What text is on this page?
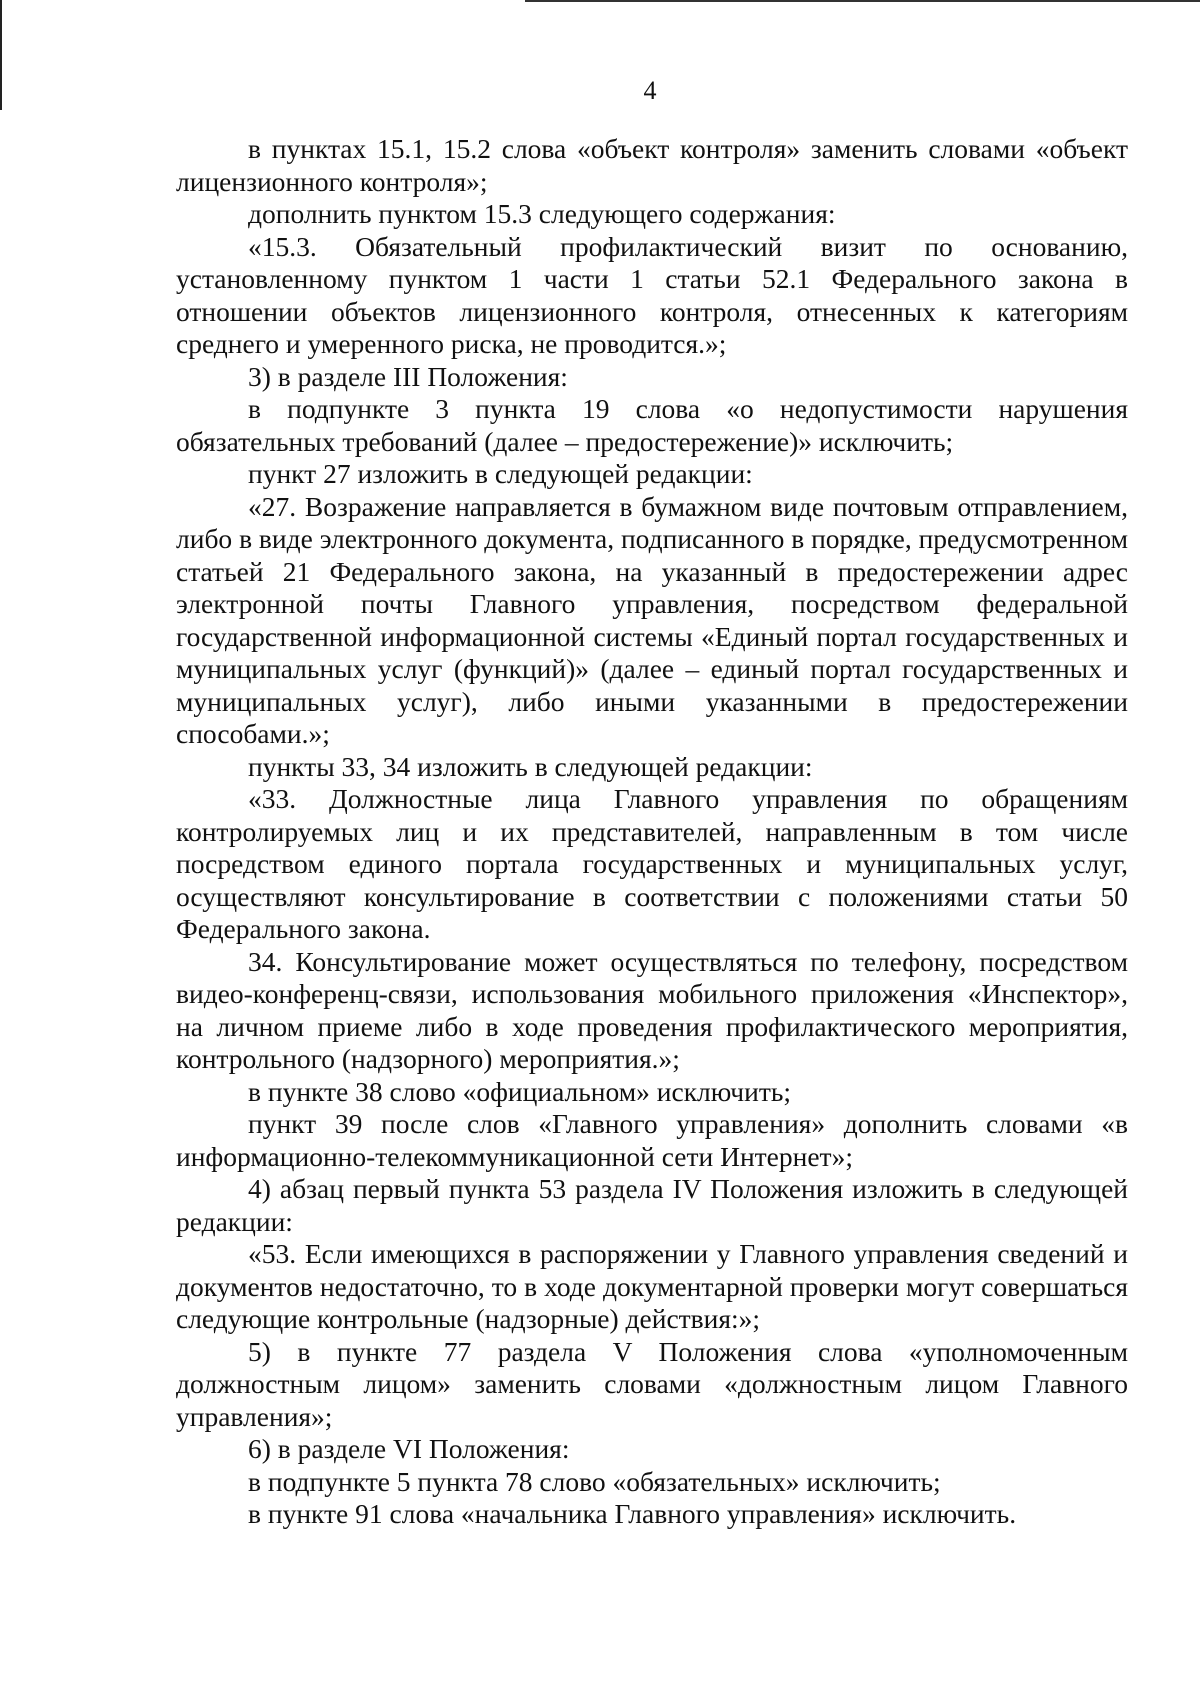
4

в пунктах 15.1, 15.2 слова «объект контроля» заменить словами «объект лицензионного контроля»;

дополнить пунктом 15.3 следующего содержания:

«15.3. Обязательный профилактический визит по основанию, установленному пунктом 1 части 1 статьи 52.1 Федерального закона в отношении объектов лицензионного контроля, отнесенных к категориям среднего и умеренного риска, не проводится.»;

3) в разделе III Положения:

в подпункте 3 пункта 19 слова «о недопустимости нарушения обязательных требований (далее – предостережение)» исключить;

пункт 27 изложить в следующей редакции:

«27. Возражение направляется в бумажном виде почтовым отправлением, либо в виде электронного документа, подписанного в порядке, предусмотренном статьей 21 Федерального закона, на указанный в предостережении адрес электронной почты Главного управления, посредством федеральной государственной информационной системы «Единый портал государственных и муниципальных услуг (функций)» (далее – единый портал государственных и муниципальных услуг), либо иными указанными в предостережении способами.»;

пункты 33, 34 изложить в следующей редакции:

«33. Должностные лица Главного управления по обращениям контролируемых лиц и их представителей, направленным в том числе посредством единого портала государственных и муниципальных услуг, осуществляют консультирование в соответствии с положениями статьи 50 Федерального закона.

34. Консультирование может осуществляться по телефону, посредством видео-конференц-связи, использования мобильного приложения «Инспектор», на личном приеме либо в ходе проведения профилактического мероприятия, контрольного (надзорного) мероприятия.»;

в пункте 38 слово «официальном» исключить;

пункт 39 после слов «Главного управления» дополнить словами «в информационно-телекоммуникационной сети Интернет»;

4) абзац первый пункта 53 раздела IV Положения изложить в следующей редакции:

«53. Если имеющихся в распоряжении у Главного управления сведений и документов недостаточно, то в ходе документарной проверки могут совершаться следующие контрольные (надзорные) действия:»;

5) в пункте 77 раздела V Положения слова «уполномоченным должностным лицом» заменить словами «должностным лицом Главного управления»;

6) в разделе VI Положения:

в подпункте 5 пункта 78 слово «обязательных» исключить;

в пункте 91 слова «начальника Главного управления» исключить.
